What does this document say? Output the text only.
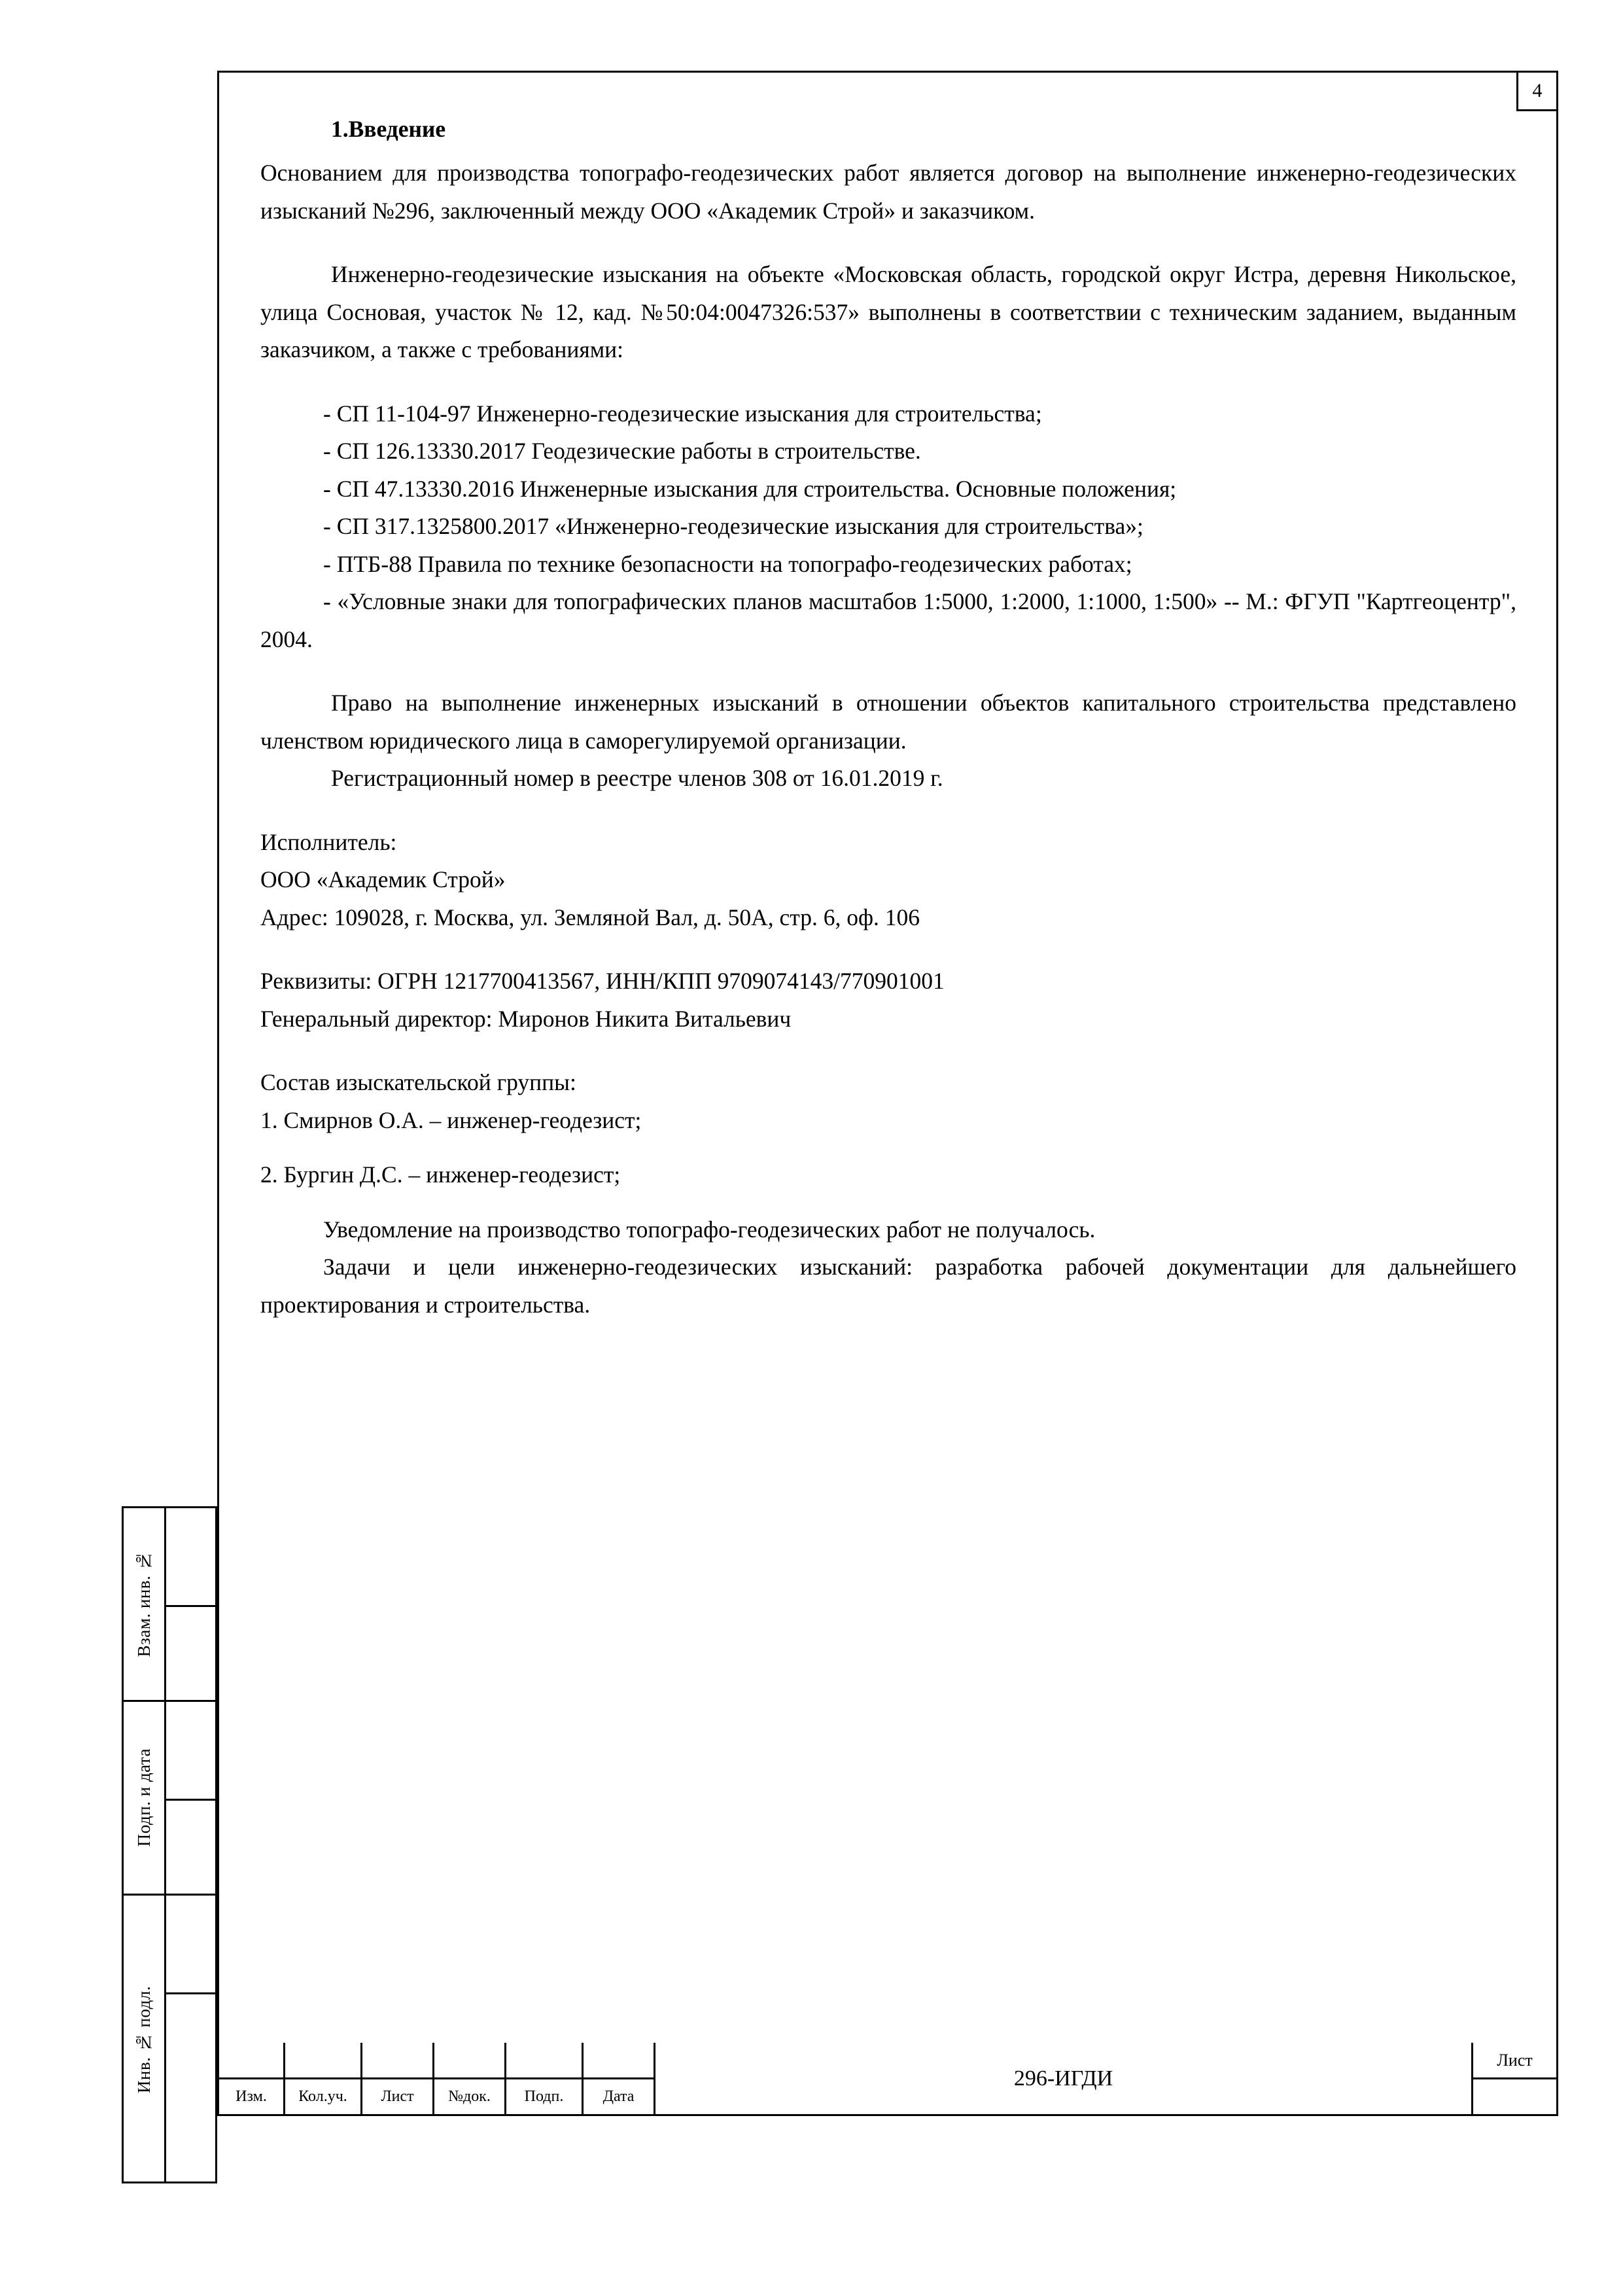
Взам. инв. №
Подп. и дата
Инв. № подл.
4
1.Введение
Основанием для производства топографо-геодезических работ является договор на выполнение инженерно-геодезических изысканий №296, заключенный между ООО «Академик Строй» и заказчиком.
Инженерно-геодезические изыскания на объекте «Московская область, городской округ Истра, деревня Никольское, улица Сосновая, участок № 12, кад. №50:04:0047326:537» выполнены в соответствии с техническим заданием, выданным заказчиком, а также с требованиями:
- СП 11-104-97 Инженерно-геодезические изыскания для строительства;
- СП 126.13330.2017 Геодезические работы в строительстве.
- СП 47.13330.2016 Инженерные изыскания для строительства. Основные положения;
- СП 317.1325800.2017 «Инженерно-геодезические изыскания для строительства»;
- ПТБ-88 Правила по технике безопасности на топографо-геодезических работах;
- «Условные знаки для топографических планов масштабов 1:5000, 1:2000, 1:1000, 1:500» -- М.: ФГУП "Картгеоцентр", 2004.
Право на выполнение инженерных изысканий в отношении объектов капитального строительства представлено членством юридического лица в саморегулируемой организации.
Регистрационный номер в реестре членов 308 от 16.01.2019 г.
Исполнитель:
ООО «Академик Строй»
Адрес: 109028, г. Москва, ул. Земляной Вал, д. 50А, стр. 6, оф. 106
Реквизиты: ОГРН 1217700413567, ИНН/КПП 9709074143/770901001
Генеральный директор: Миронов Никита Витальевич
Состав изыскательской группы:
1. Смирнов О.А. – инженер-геодезист;
2. Бургин Д.С. – инженер-геодезист;
Уведомление на производство топографо-геодезических работ не получалось.
Задачи и цели инженерно-геодезических изысканий: разработка рабочей документации для дальнейшего проектирования и строительства.
Изм.	Кол.уч.	Лист	№док.	Подп.	Дата
296-ИГДИ
Лист
